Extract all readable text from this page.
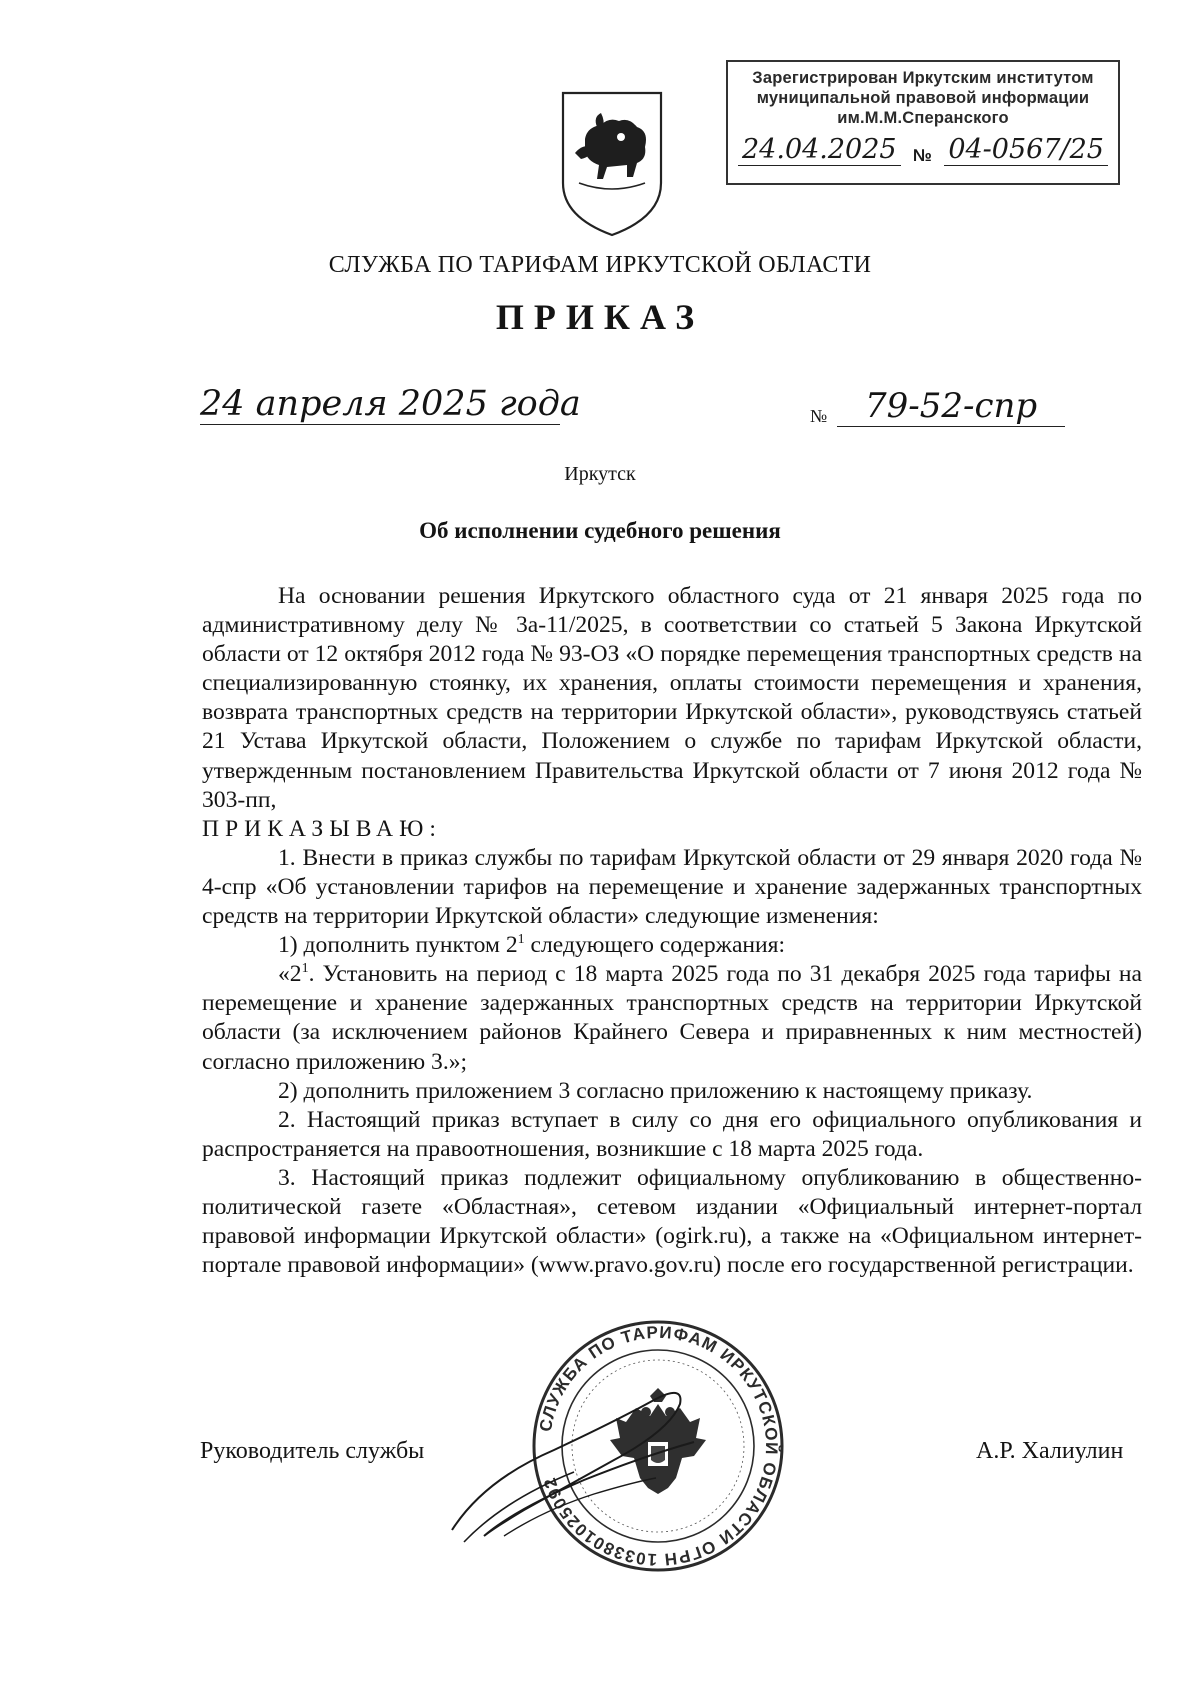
Зарегистрирован Иркутским институтом
муниципальной правовой информации
им.М.М.Сперанского
24.04.2025 № 04-0567/25
СЛУЖБА ПО ТАРИФАМ ИРКУТСКОЙ ОБЛАСТИ
ПРИКАЗ
24 апреля 2025 года	№	79-52-спр
Иркутск
Об исполнении судебного решения

На основании решения Иркутского областного суда от 21 января 2025 года по административному делу № 3а-11/2025, в соответствии со статьей 5 Закона Иркутской области от 12 октября 2012 года № 93-ОЗ «О порядке перемещения транспортных средств на специализированную стоянку, их хранения, оплаты стоимости перемещения и хранения, возврата транспортных средств на территории Иркутской области», руководствуясь статьей 21 Устава Иркутской области, Положением о службе по тарифам Иркутской области, утвержденным постановлением Правительства Иркутской области от 7 июня 2012 года № 303-пп,

ПРИКАЗЫВАЮ:

1. Внести в приказ службы по тарифам Иркутской области от 29 января 2020 года № 4-спр «Об установлении тарифов на перемещение и хранение задержанных транспортных средств на территории Иркутской области» следующие изменения:

1) дополнить пунктом $2^1$ следующего содержания:

«$2^1$. Установить на период с 18 марта 2025 года по 31 декабря 2025 года тарифы на перемещение и хранение задержанных транспортных средств на территории Иркутской области (за исключением районов Крайнего Севера и приравненных к ним местностей) согласно приложению 3.»;

2) дополнить приложением 3 согласно приложению к настоящему приказу.

2. Настоящий приказ вступает в силу со дня его официального опубликования и распространяется на правоотношения, возникшие с 18 марта 2025 года.

3. Настоящий приказ подлежит официальному опубликованию в общественно-политической газете «Областная», сетевом издании «Официальный интернет-портал правовой информации Иркутской области» (ogirk.ru), а также на «Официальном интернет-портале правовой информации» (www.pravo.gov.ru) после его государственной регистрации.

Руководитель службы	А.Р. Халиулин
СЛУЖБА ПО ТАРИФАМ ИРКУТСКОЙ ОБЛАСТИ ОГРН 1033801025092
